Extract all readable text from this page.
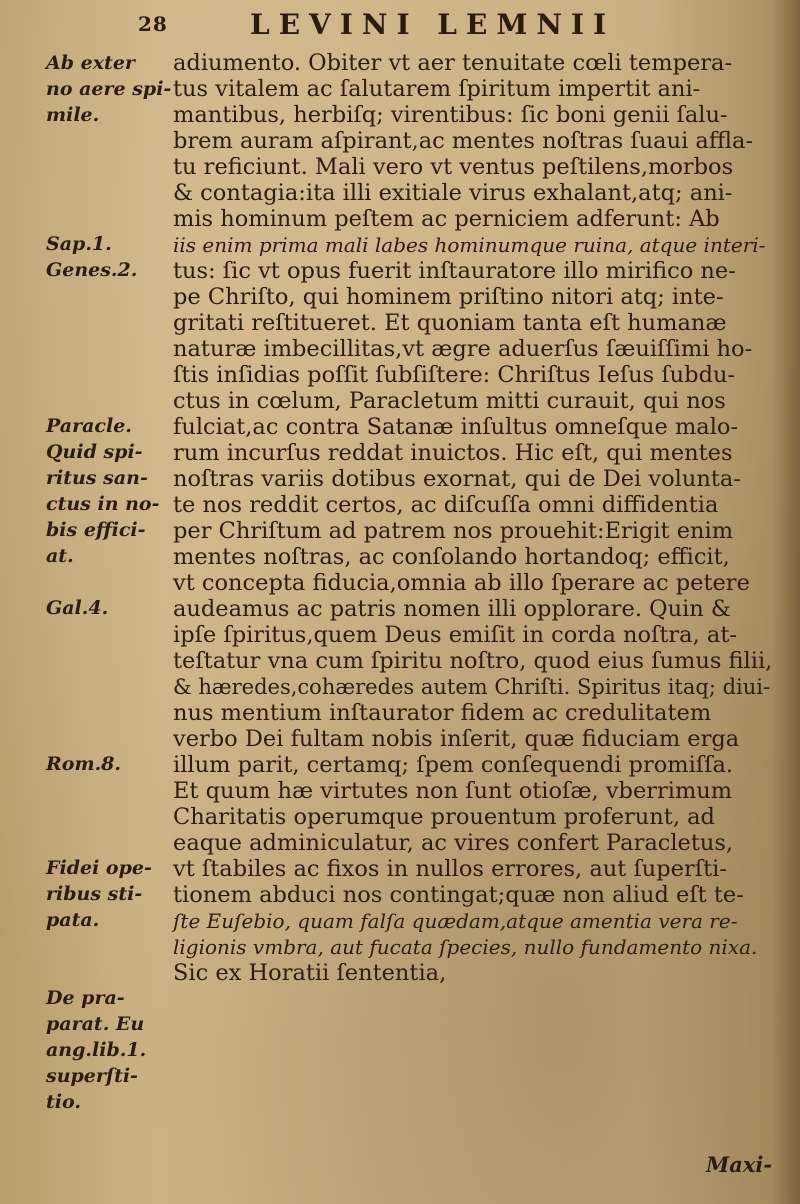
28	LEVINI LEMNII
Ab exter
no aere spi-
mile.
Sap.1.
Genes.2.
Paracle.
Quid spi-
ritus san-
ctus in no-
bis effici-
at.
Gal.4.
Rom.8.
Fidei ope-
ribus sti-
pata.
De pra-
parat. Eu
ang.lib.1.
superſti-
tio.
adiumento. Obiter vt aer tenuitate cœli tempera-
tus vitalem ac ſalutarem ſpiritum impertit ani-
mantibus, herbiſq; virentibus: ſic boni genii ſalu-
brem auram aſpirant,ac mentes noſtras ſuaui affla-
tu reficiunt. Mali vero vt ventus peſtilens,morbos
& contagia:ita illi exitiale virus exhalant,atq; ani-
mis hominum peſtem ac perniciem adferunt: Ab
iis enim prima mali labes hominumque ruina, atque interi-
tus: ſic vt opus fuerit inſtauratore illo mirifico ne-
pe Chriſto, qui hominem priſtino nitori atq; inte-
gritati reſtitueret. Et quoniam tanta eſt humanæ
naturæ imbecillitas,vt ægre aduerſus ſæuiſſimi ho-
ſtis inſidias poſſit ſubſiſtere: Chriſtus Ieſus ſubdu-
ctus in cœlum, Paracletum mitti curauit, qui nos
fulciat,ac contra Satanæ inſultus omneſque malo-
rum incurſus reddat inuictos. Hic eſt, qui mentes
noſtras variis dotibus exornat, qui de Dei volunta-
te nos reddit certos, ac diſcuſſa omni diffidentia
per Chriſtum ad patrem nos prouehit:Erigit enim
mentes noſtras, ac conſolando hortandoq; efficit,
vt concepta fiducia,omnia ab illo ſperare ac petere
audeamus ac patris nomen illi opplorare. Quin &
ipſe ſpiritus,quem Deus emiſit in corda noſtra, at-
teſtatur vna cum ſpiritu noſtro, quod eius ſumus filii,
& hæredes,cohæredes autem Chriſti. Spiritus itaq; diui-
nus mentium inſtaurator fidem ac credulitatem
verbo Dei fultam nobis inſerit, quæ fiduciam erga
illum parit, certamq; ſpem conſequendi promiſſa.
Et quum hæ virtutes non ſunt otioſæ, vberrimum
Charitatis operumque prouentum proferunt, ad
eaque adminiculatur, ac vires confert Paracletus,
vt ſtabiles ac fixos in nullos errores, aut ſuperſti-
tionem abduci nos contingat;quæ non aliud eſt te-
ſte Euſebio, quam falſa quædam,atque amentia vera re-
ligionis vmbra, aut fucata ſpecies, nullo fundamento nixa.
Sic ex Horatii ſententia,
Maxi-
